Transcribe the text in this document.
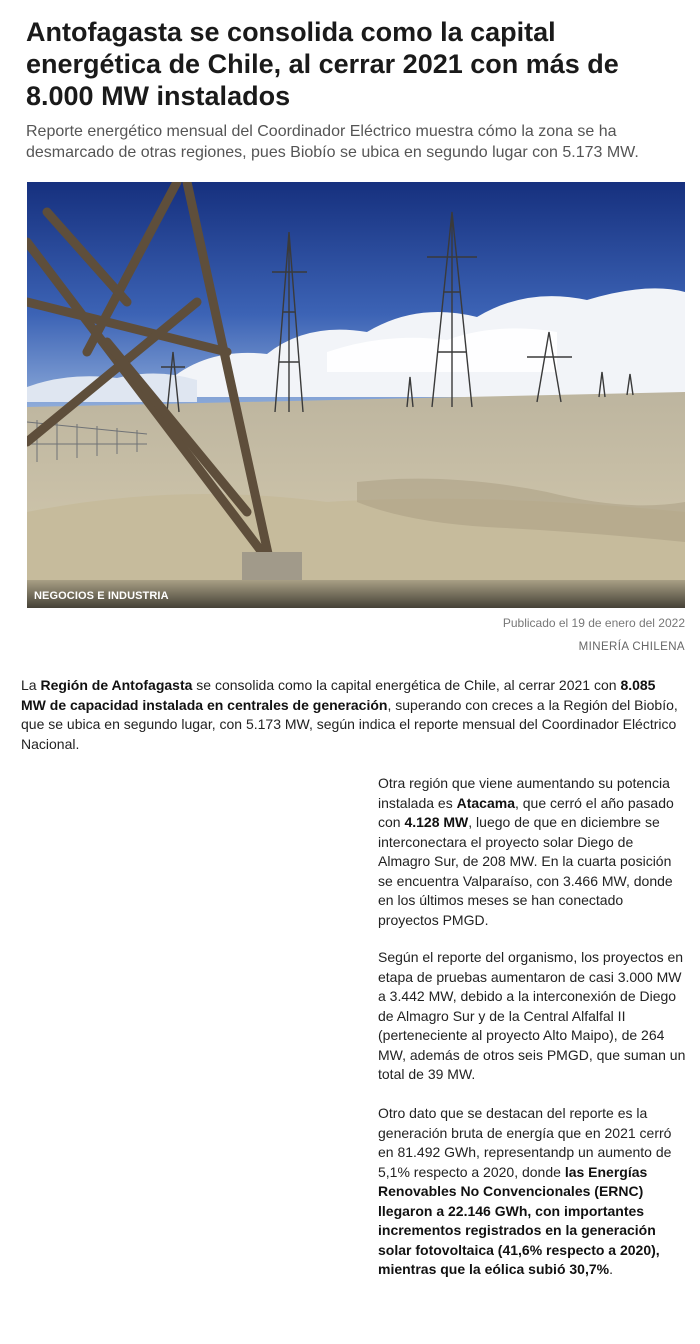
Antofagasta se consolida como la capital energética de Chile, al cerrar 2021 con más de 8.000 MW instalados

Reporte energético mensual del Coordinador Eléctrico muestra cómo la zona se ha desmarcado de otras regiones, pues Biobío se ubica en segundo lugar con 5.173 MW.

NEGOCIOS E INDUSTRIA
Publicado el 19 de enero del 2022
MINERÍA CHILENA

La Región de Antofagasta se consolida como la capital energética de Chile, al cerrar 2021 con 8.085 MW de capacidad instalada en centrales de generación, superando con creces a la Región del Biobío, que se ubica en segundo lugar, con 5.173 MW, según indica el reporte mensual del Coordinador Eléctrico Nacional.

Otra región que viene aumentando su potencia instalada es Atacama, que cerró el año pasado con 4.128 MW, luego de que en diciembre se interconectara el proyecto solar Diego de Almagro Sur, de 208 MW. En la cuarta posición se encuentra Valparaíso, con 3.466 MW, donde en los últimos meses se han conectado proyectos PMGD.

Según el reporte del organismo, los proyectos en etapa de pruebas aumentaron de casi 3.000 MW a 3.442 MW, debido a la interconexión de Diego de Almagro Sur y de la Central Alfalfal II (perteneciente al proyecto Alto Maipo), de 264 MW, además de otros seis PMGD, que suman un total de 39 MW.

Otro dato que se destacan del reporte es la generación bruta de energía que en 2021 cerró en 81.492 GWh, representandp un aumento de 5,1% respecto a 2020, donde las Energías Renovables No Convencionales (ERNC) llegaron a 22.146 GWh, con importantes incrementos registrados en la generación solar fotovoltaica (41,6% respecto a 2020), mientras que la eólica subió 30,7%.
